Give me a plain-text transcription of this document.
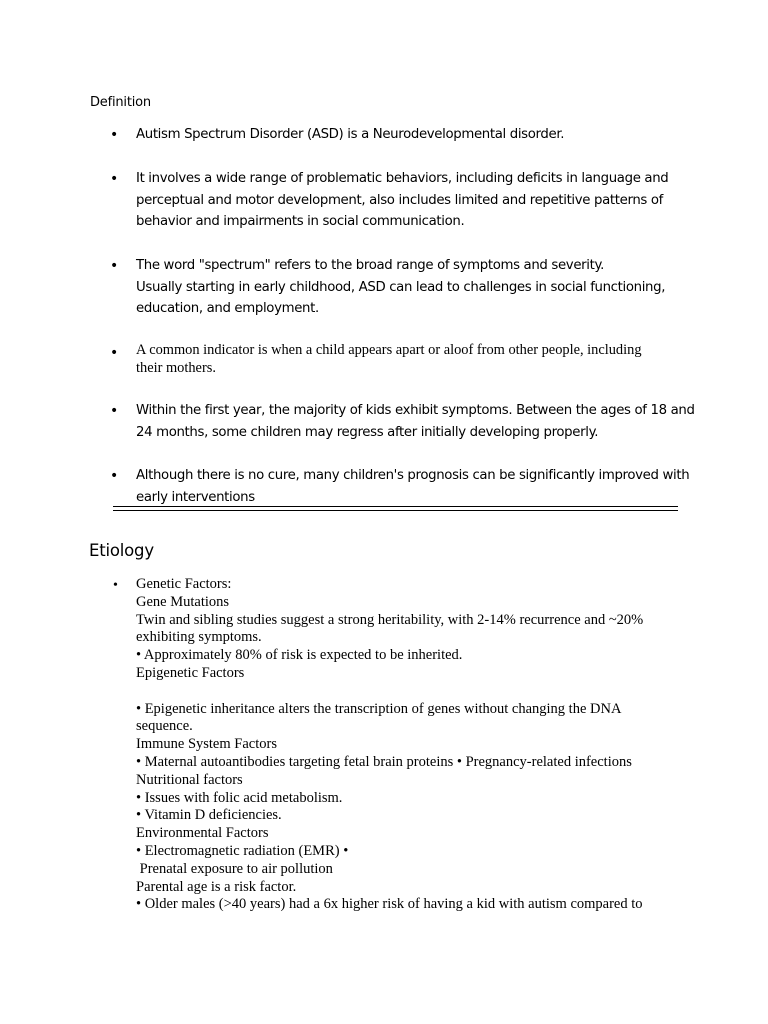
Definition
• Autism Spectrum Disorder (ASD) is a Neurodevelopmental disorder.
• It involves a wide range of problematic behaviors, including deficits in language and
perceptual and motor development, also includes limited and repetitive patterns of
behavior and impairments in social communication.
• The word "spectrum" refers to the broad range of symptoms and severity.
Usually starting in early childhood, ASD can lead to challenges in social functioning,
education, and employment.
• A common indicator is when a child appears apart or aloof from other people, including
their mothers.
• Within the first year, the majority of kids exhibit symptoms. Between the ages of 18 and
24 months, some children may regress after initially developing properly.
• Although there is no cure, many children's prognosis can be significantly improved with
early interventions
Etiology
• Genetic Factors:
Gene Mutations
Twin and sibling studies suggest a strong heritability, with 2-14% recurrence and ~20%
exhibiting symptoms.
• Approximately 80% of risk is expected to be inherited.
Epigenetic Factors
• Epigenetic inheritance alters the transcription of genes without changing the DNA
sequence.
Immune System Factors
• Maternal autoantibodies targeting fetal brain proteins • Pregnancy-related infections
Nutritional factors
• Issues with folic acid metabolism.
• Vitamin D deficiencies.
Environmental Factors
• Electromagnetic radiation (EMR) •
Prenatal exposure to air pollution
Parental age is a risk factor.
• Older males (>40 years) had a 6x higher risk of having a kid with autism compared to
